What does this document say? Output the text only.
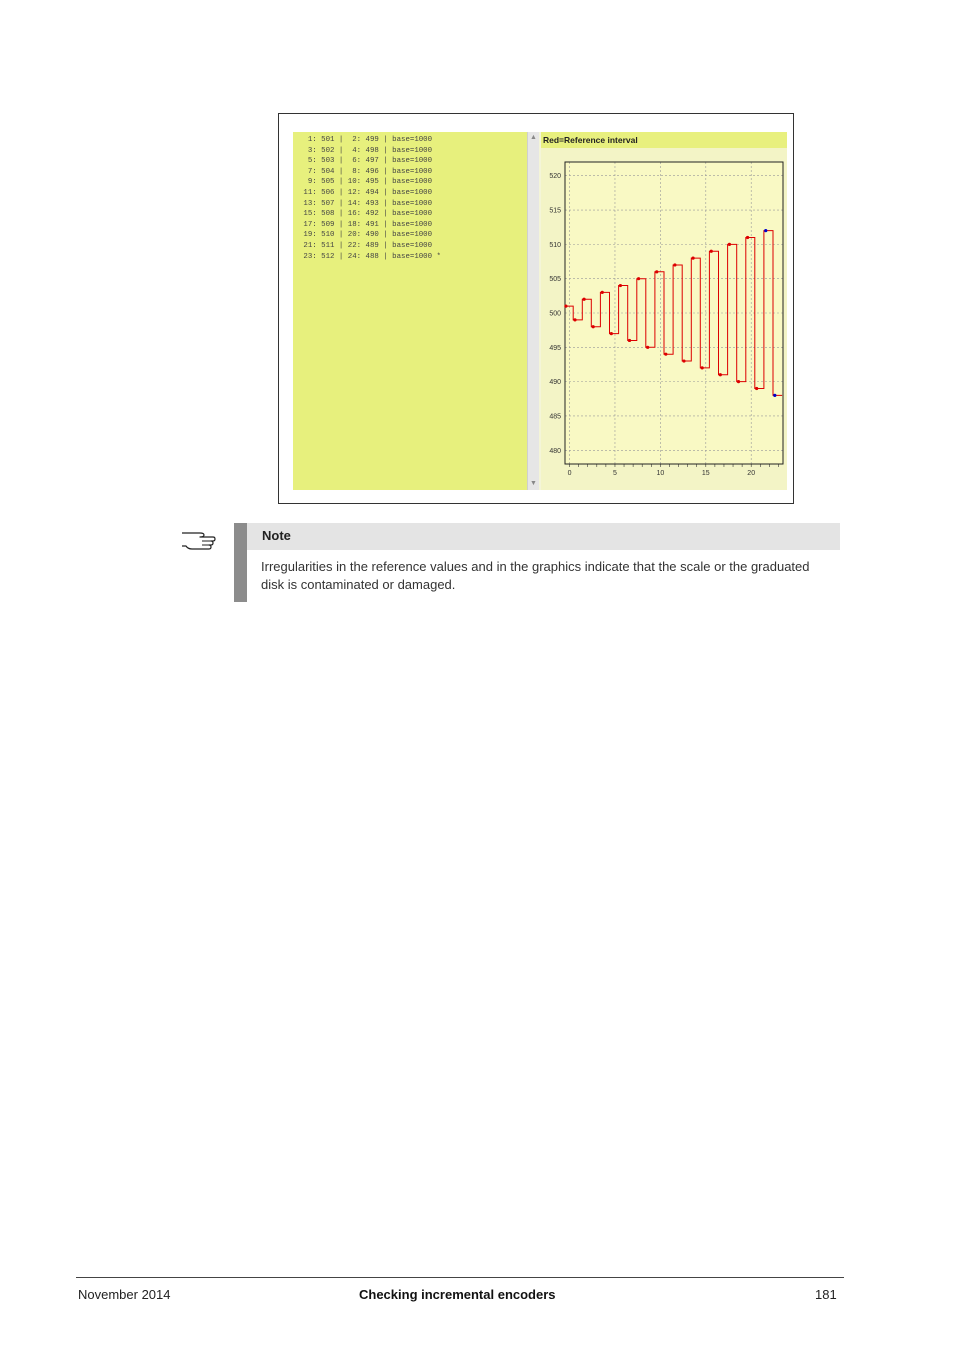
1: 501 |  2: 499 | base=1000
3: 502 |  4: 498 | base=1000
5: 503 |  6: 497 | base=1000
7: 504 |  8: 496 | base=1000
9: 505 | 10: 495 | base=1000
11: 506 | 12: 494 | base=1000
13: 507 | 14: 493 | base=1000
15: 508 | 16: 492 | base=1000
17: 509 | 18: 491 | base=1000
19: 510 | 20: 490 | base=1000
21: 511 | 22: 489 | base=1000
23: 512 | 24: 488 | base=1000 *
▲
▼
Red=Reference interval
480
485
490
495
500
505
510
515
520
0	5	10	15	20
Note
Irregularities in the reference values and in the graphics indicate that the scale or the graduated disk is contaminated or damaged.
November 2014	Checking incremental encoders	181
